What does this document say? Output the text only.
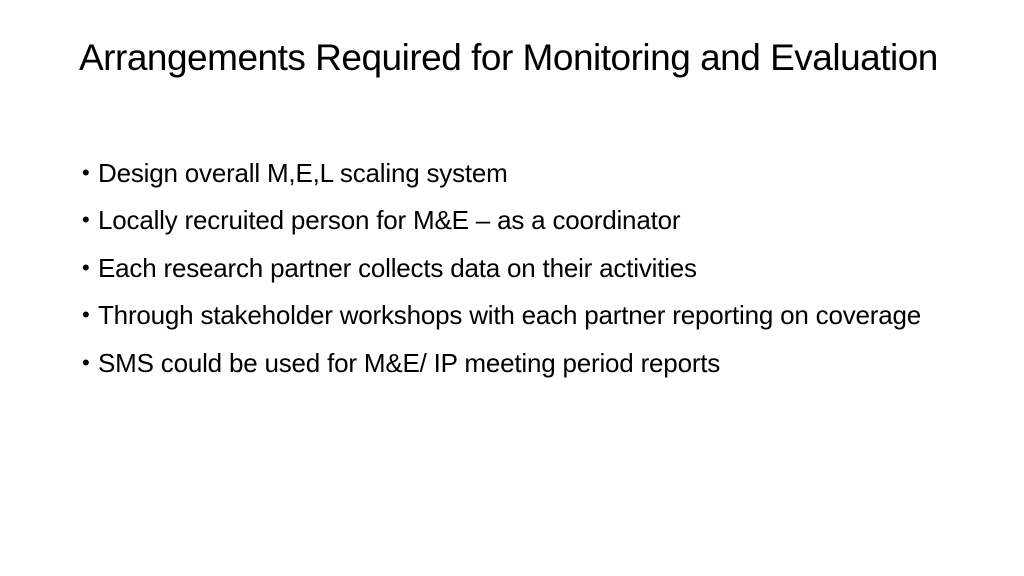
Arrangements Required for Monitoring and Evaluation
• Design overall M,E,L scaling system
• Locally recruited person for M&E – as a coordinator
• Each research partner collects data on their activities
• Through stakeholder workshops with each partner reporting on coverage
• SMS could be used for M&E/ IP meeting period reports
